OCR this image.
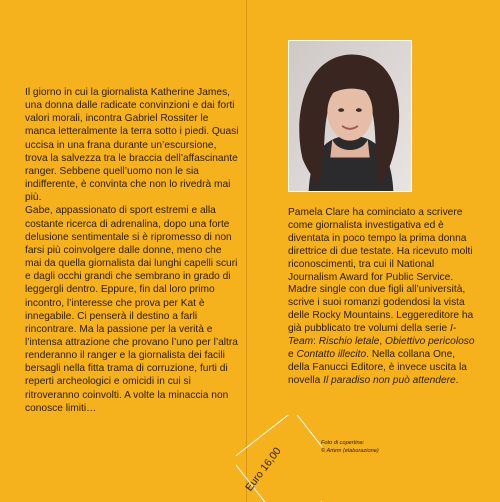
Il giorno in cui la giornalista Katherine James, una donna dalle radicate convinzioni e dai forti valori morali, incontra Gabriel Rossiter le manca letteralmente la terra sotto i piedi. Quasi uccisa in una frana durante un’escursione, trova la salvezza tra le braccia dell’affascinante ranger. Sebbene quell’uomo non le sia indifferente, è convinta che non lo rivedrà mai più.

Gabe, appassionato di sport estremi e alla costante ricerca di adrenalina, dopo una forte delusione sentimentale si è ripromesso di non farsi più coinvolgere dalle donne, meno che mai da quella giornalista dai lunghi capelli scuri e dagli occhi grandi che sembrano in grado di leggergli dentro. Eppure, fin dal loro primo incontro, l’interesse che prova per Kat è innegabile. Ci penserà il destino a farli rincontrare. Ma la passione per la verità e l’intensa attrazione che provano l’uno per l’altra renderanno il ranger e la giornalista dei facili bersagli nella fitta trama di corruzione, furti di reperti archeologici e omicidi in cui si ritroveranno coinvolti. A volte la minaccia non conosce limiti…

Pamela Clare ha cominciato a scrivere come giornalista investigativa ed è diventata in poco tempo la prima donna direttrice di due testate. Ha ricevuto molti riconoscimenti, tra cui il National Journalism Award for Public Service. Madre single con due figli all’università, scrive i suoi romanzi godendosi la vista delle Rocky Mountains. Leggereditore ha già pubblicato tre volumi della serie I-Team: Rischio letale, Obiettivo pericoloso e Contatto illecito. Nella collana One, della Fanucci Editore, è invece uscita la novella Il paradiso non può attendere.

Foto di copertina:
© Artem (elaborazione)
Euro 16,00
